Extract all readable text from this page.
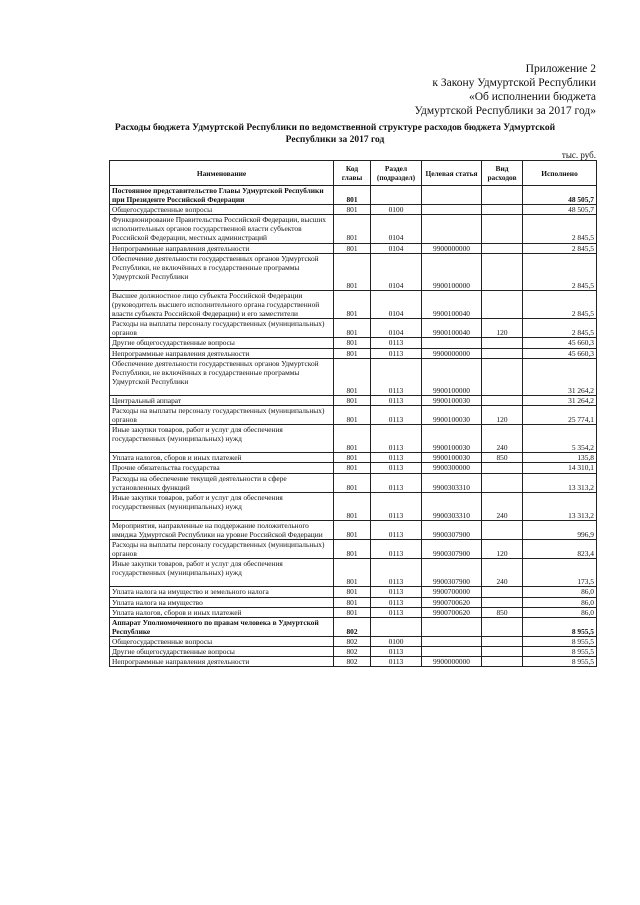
Приложение 2
к Закону Удмуртской Республики
«Об исполнении бюджета
Удмуртской Республики за 2017 год»
Расходы бюджета Удмуртской Республики по ведомственной структуре расходов бюджета Удмуртской
Республики за 2017 год
тыс. руб.
Наименование	Код главы	Раздел (подраздел)	Целевая статья	Вид расходов	Исполнено
Постоянное представительство Главы Удмуртской Республики при Президенте Российской Федерации	801				48 505,7
Общегосударственные вопросы	801	0100			48 505,7
Функционирование Правительства Российской Федерации, высших исполнительных органов государственной власти субъектов Российской Федерации, местных администраций	801	0104			2 845,5
Непрограммные направления деятельности	801	0104	9900000000		2 845,5
Обеспечение деятельности государственных органов Удмуртской Республики, не включённых в государственные программы Удмуртской Республики	801	0104	9900100000		2 845,5
Высшее должностное лицо субъекта Российской Федерации (руководитель высшего исполнительного органа государственной власти субъекта Российской Федерации) и его заместители	801	0104	9900100040		2 845,5
Расходы на выплаты персоналу государственных (муниципальных) органов	801	0104	9900100040	120	2 845,5
Другие общегосударственные вопросы	801	0113			45 660,3
Непрограммные направления деятельности	801	0113	9900000000		45 660,3
Обеспечение деятельности государственных органов Удмуртской Республики, не включённых в государственные программы Удмуртской Республики	801	0113	9900100000		31 264,2
Центральный аппарат	801	0113	9900100030		31 264,2
Расходы на выплаты персоналу государственных (муниципальных) органов	801	0113	9900100030	120	25 774,1
Иные закупки товаров, работ и услуг для обеспечения государственных (муниципальных) нужд	801	0113	9900100030	240	5 354,2
Уплата налогов, сборов и иных платежей	801	0113	9900100030	850	135,8
Прочие обязательства государства	801	0113	9900300000		14 310,1
Расходы на обеспечение текущей деятельности в сфере установленных функций	801	0113	9900303310		13 313,2
Иные закупки товаров, работ и услуг для обеспечения государственных (муниципальных) нужд	801	0113	9900303310	240	13 313,2
Мероприятия, направленные на поддержание положительного имиджа Удмуртской Республики на уровне Российской Федерации	801	0113	9900307900		996,9
Расходы на выплаты персоналу государственных (муниципальных) органов	801	0113	9900307900	120	823,4
Иные закупки товаров, работ и услуг для обеспечения государственных (муниципальных) нужд	801	0113	9900307900	240	173,5
Уплата налога на имущество и земельного налога	801	0113	9900700000		86,0
Уплата налога на имущество	801	0113	9900700620		86,0
Уплата налогов, сборов и иных платежей	801	0113	9900700620	850	86,0
Аппарат Уполномоченного по правам человека в Удмуртской Республике	802				8 955,5
Общегосударственные вопросы	802	0100			8 955,5
Другие общегосударственные вопросы	802	0113			8 955,5
Непрограммные направления деятельности	802	0113	9900000000		8 955,5
